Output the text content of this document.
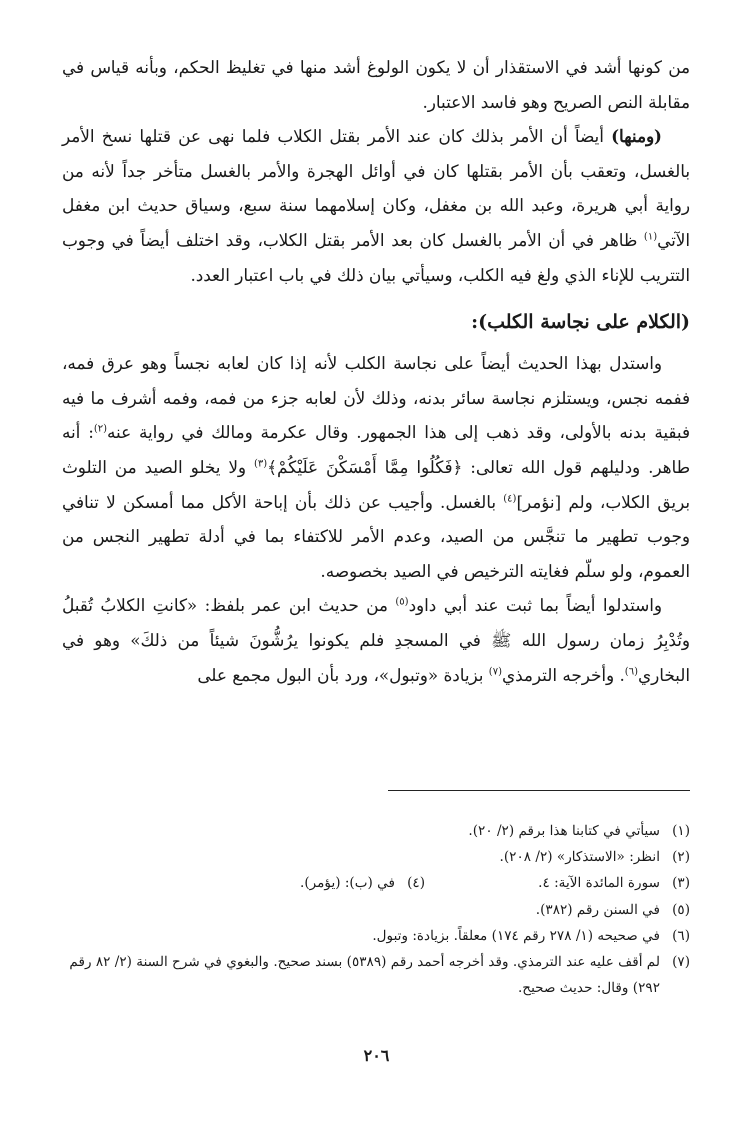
من كونها أشد في الاستقذار أن لا يكون الولوغ أشد منها في تغليظ الحكم، وبأنه قياس في مقابلة النص الصريح وهو فاسد الاعتبار.

(ومنها) أيضاً أن الأمر بذلك كان عند الأمر بقتل الكلاب فلما نهى عن قتلها نسخ الأمر بالغسل، وتعقب بأن الأمر بقتلها كان في أوائل الهجرة والأمر بالغسل متأخر جداً لأنه من رواية أبي هريرة، وعبد الله بن مغفل، وكان إسلامهما سنة سبع، وسياق حديث ابن مغفل الآتي$^{(١)}$ ظاهر في أن الأمر بالغسل كان بعد الأمر بقتل الكلاب، وقد اختلف أيضاً في وجوب التتريب للإناء الذي ولغ فيه الكلب، وسيأتي بيان ذلك في باب اعتبار العدد.

(الكلام على نجاسة الكلب):

واستدل بهذا الحديث أيضاً على نجاسة الكلب لأنه إذا كان لعابه نجساً وهو عرق فمه، ففمه نجس، ويستلزم نجاسة سائر بدنه، وذلك لأن لعابه جزء من فمه، وفمه أشرف ما فيه فبقية بدنه بالأولى، وقد ذهب إلى هذا الجمهور. وقال عكرمة ومالك في رواية عنه$^{(٢)}$: أنه طاهر. ودليلهم قول الله تعالى: ﴿فَكُلُوا مِمَّا أَمْسَكْنَ عَلَيْكُمْ﴾$^{(٣)}$ ولا يخلو الصيد من التلوث بريق الكلاب، ولم [نؤمر]$^{(٤)}$ بالغسل. وأجيب عن ذلك بأن إباحة الأكل مما أمسكن لا تنافي وجوب تطهير ما تنجَّس من الصيد، وعدم الأمر للاكتفاء بما في أدلة تطهير النجس من العموم، ولو سلّم فغايته الترخيص في الصيد بخصوصه.

واستدلوا أيضاً بما ثبت عند أبي داود$^{(٥)}$ من حديث ابن عمر بلفظ: «كانتِ الكلابُ تُقبلُ وتُدْبِرُ زمان رسول الله ﷺ في المسجدِ فلم يكونوا يرُشُّونَ شيئاً من ذلكَ» وهو في البخاري$^{(٦)}$. وأخرجه الترمذي$^{(٧)}$ بزيادة «وتبول»، ورد بأن البول مجمع على

(١)
سيأتي في كتابنا هذا برقم (٢/ ٢٠).
(٢)
انظر: «الاستذكار» (٢/ ٢٠٨).
(٣)
سورة المائدة الآية: ٤.
(٤)
في (ب): (يؤمر).
(٥)
في السنن رقم (٣٨٢).
(٦)
في صحيحه (١/ ٢٧٨ رقم ١٧٤) معلقاً. بزيادة: وتبول.
(٧)
لم أقف عليه عند الترمذي. وقد أخرجه أحمد رقم (٥٣٨٩) بسند صحيح. والبغوي في شرح السنة (٢/ ٨٢ رقم ٢٩٢) وقال: حديث صحيح.
٢٠٦
